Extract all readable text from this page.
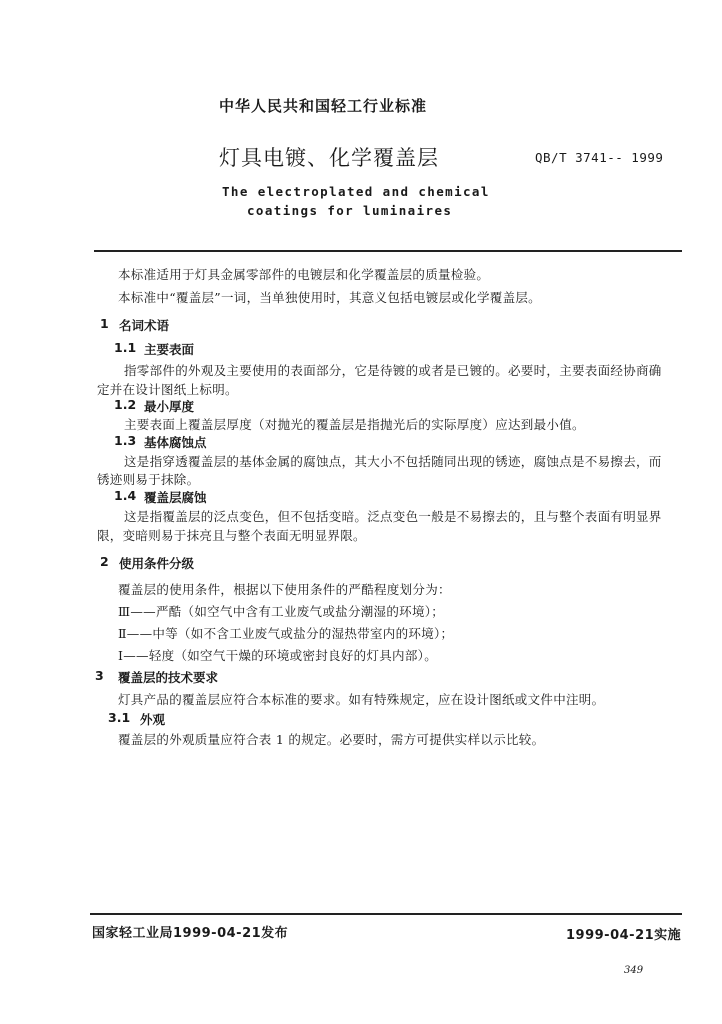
中华人民共和国轻工行业标准
灯具电镀、化学覆盖层	QB/T 3741-- 1999
The electroplated and chemical
coatings for luminaires
本标准适用于灯具金属零部件的电镀层和化学覆盖层的质量检验。
本标准中“覆盖层”一词，当单独使用时，其意义包括电镀层或化学覆盖层。
1 名词术语
1.1 主要表面
指零部件的外观及主要使用的表面部分，它是待镀的或者是已镀的。必要时，主要表面经协商确
定并在设计图纸上标明。
1.2 最小厚度
主要表面上覆盖层厚度（对抛光的覆盖层是指抛光后的实际厚度）应达到最小值。
1.3 基体腐蚀点
这是指穿透覆盖层的基体金属的腐蚀点，其大小不包括随同出现的锈迹，腐蚀点是不易擦去，而
锈迹则易于抹除。
1.4 覆盖层腐蚀
这是指覆盖层的泛点变色，但不包括变暗。泛点变色一般是不易擦去的，且与整个表面有明显界
限，变暗则易于抹亮且与整个表面无明显界限。
2 使用条件分级
覆盖层的使用条件，根据以下使用条件的严酷程度划分为：
Ⅲ——严酷（如空气中含有工业废气或盐分潮湿的环境）；
Ⅱ——中等（如不含工业废气或盐分的湿热带室内的环境）；
Ⅰ——轻度（如空气干燥的环境或密封良好的灯具内部）。
3 覆盖层的技术要求
灯具产品的覆盖层应符合本标准的要求。如有特殊规定，应在设计图纸或文件中注明。
3.1 外观
覆盖层的外观质量应符合表 1 的规定。必要时，需方可提供实样以示比较。
国家轻工业局1999-04-21发布	1999-04-21实施
349
